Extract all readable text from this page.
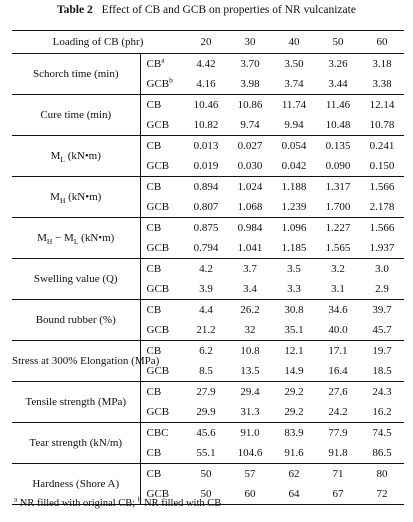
Table 2 Effect of CB and GCB on properties of NR vulcanizate
Loading of CB (phr)		20	30	40	50	60
Schorch time (min)	$CB^a$	4.42	3.70	3.50	3.26	3.18
	GCB$^b$	4.16	3.98	3.74	3.44	3.38
Cure time (min)	CB	10.46	10.86	11.74	11.46	12.14
	GCB	10.82	9.74	9.94	10.48	10.78
$M_L$ (kN•m)	CB	0.013	0.027	0.054	0.135	0.241
	GCB	0.019	0.030	0.042	0.090	0.150
$M_H$ (kN•m)	CB	0.894	1.024	1.188	1.317	1.566
	GCB	0.807	1.068	1.239	1.700	2.178
$M_H - M_L$ (kN•m)	CB	0.875	0.984	1.096	1.227	1.566
	GCB	0.794	1.041	1.185	1.565	1.937
Swelling value (Q)	CB	4.2	3.7	3.5	3.2	3.0
	GCB	3.9	3.4	3.3	3.1	2.9
Bound rubber (%)	CB	4.4	26.2	30.8	34.6	39.7
	GCB	21.2	32	35.1	40.0	45.7
Stress at 300% Elongation (MPa)	CB	6.2	10.8	12.1	17.1	19.7
	GCB	8.5	13.5	14.9	16.4	18.5
Tensile strength (MPa)	CB	27.9	29.4	29.2	27.6	24.3
	GCB	29.9	31.3	29.2	24.2	16.2
Tear strength (kN/m)	CBC	45.6	91.0	83.9	77.9	74.5
	CB	55.1	104.6	91.6	91.8	86.5
Hardness (Shore A)	CB	50	57	62	71	80
	GCB	50	60	64	67	72
$^a$ NR filled with original CB; $^b$ NR filled with CB
